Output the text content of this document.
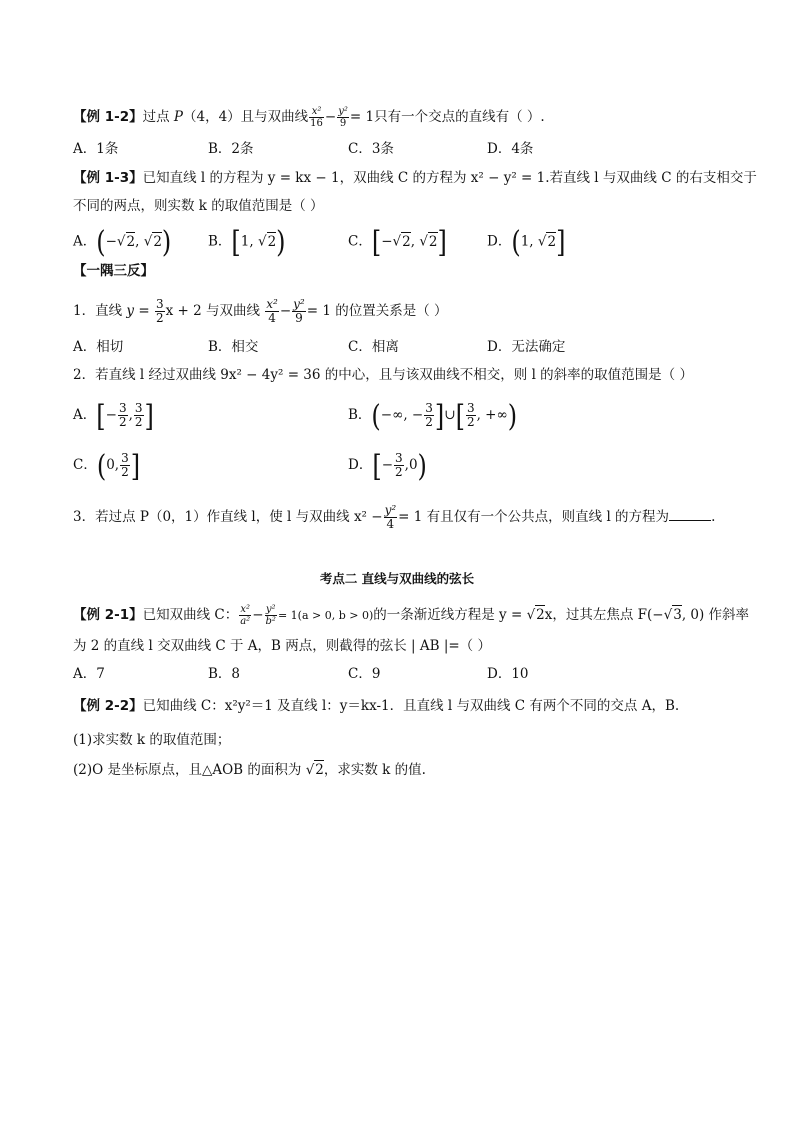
【例 1-2】过点 P（4，4）且与双曲线 $\frac{\text{x²}}{16} - \frac{\text{y²}}{9} = 1$只有一个交点的直线有（ ）.
A．1条	B．2条	C．3条	D．4条
【例 1-3】已知直线 l 的方程为 y = kx − 1，双曲线 C 的方程为 x² − y² = 1.若直线 l 与双曲线 C 的右支相交于
不同的两点，则实数 k 的取值范围是（ ）
A．(−√2, √2)	B．[1, √2)	C．[−√2, √2]	D．(1, √2]
【一隅三反】
1．直线 $y = \frac{3}{2}$ x + 2 与双曲线 $\frac{\text{x²}}{4} - \frac{\text{y²}}{9} = 1$ 的位置关系是（ ）
A．相切	B．相交	C．相离	D．无法确定
2．若直线 l 经过双曲线 9x² − 4y² = 36 的中心，且与该双曲线不相交，则 l 的斜率的取值范围是（ ）
A．[− $\frac{3}{2}$ , $\frac{3}{2}$ ]	B．(−∞, − $\frac{3}{2}$ ]∪[ $\frac{3}{2}$ , +∞)
C．(0, $\frac{3}{2}$ ]	D．[− $\frac{3}{2} ,0$)
3．若过点 P（0，1）作直线 l，使 l 与双曲线 $x^2 - \frac{\text{y²}}{4} = 1$ 有且仅有一个公共点，则直线 l 的方程为	.
考点二 直线与双曲线的弦长
【例 2-1】已知双曲线 C： $\frac{\text{x²}}{\text{a²}} - \frac{\text{y²}}{\text{b²}} = 1(a > 0$, b > 0)的一条渐近线方程是 y = √2x，过其左焦点 F(−√3, 0) 作斜率
为 2 的直线 l 交双曲线 C 于 A，B 两点，则截得的弦长 | AB |=（ ）
A．7	B．8	C．9	D．10
【例 2-2】已知曲线 C：x²y²＝1 及直线 l：y＝kx-1．且直线 l 与双曲线 C 有两个不同的交点 A，B.
(1)求实数 k 的取值范围；
(2)O 是坐标原点，且△AOB 的面积为 √2，求实数 k 的值.
